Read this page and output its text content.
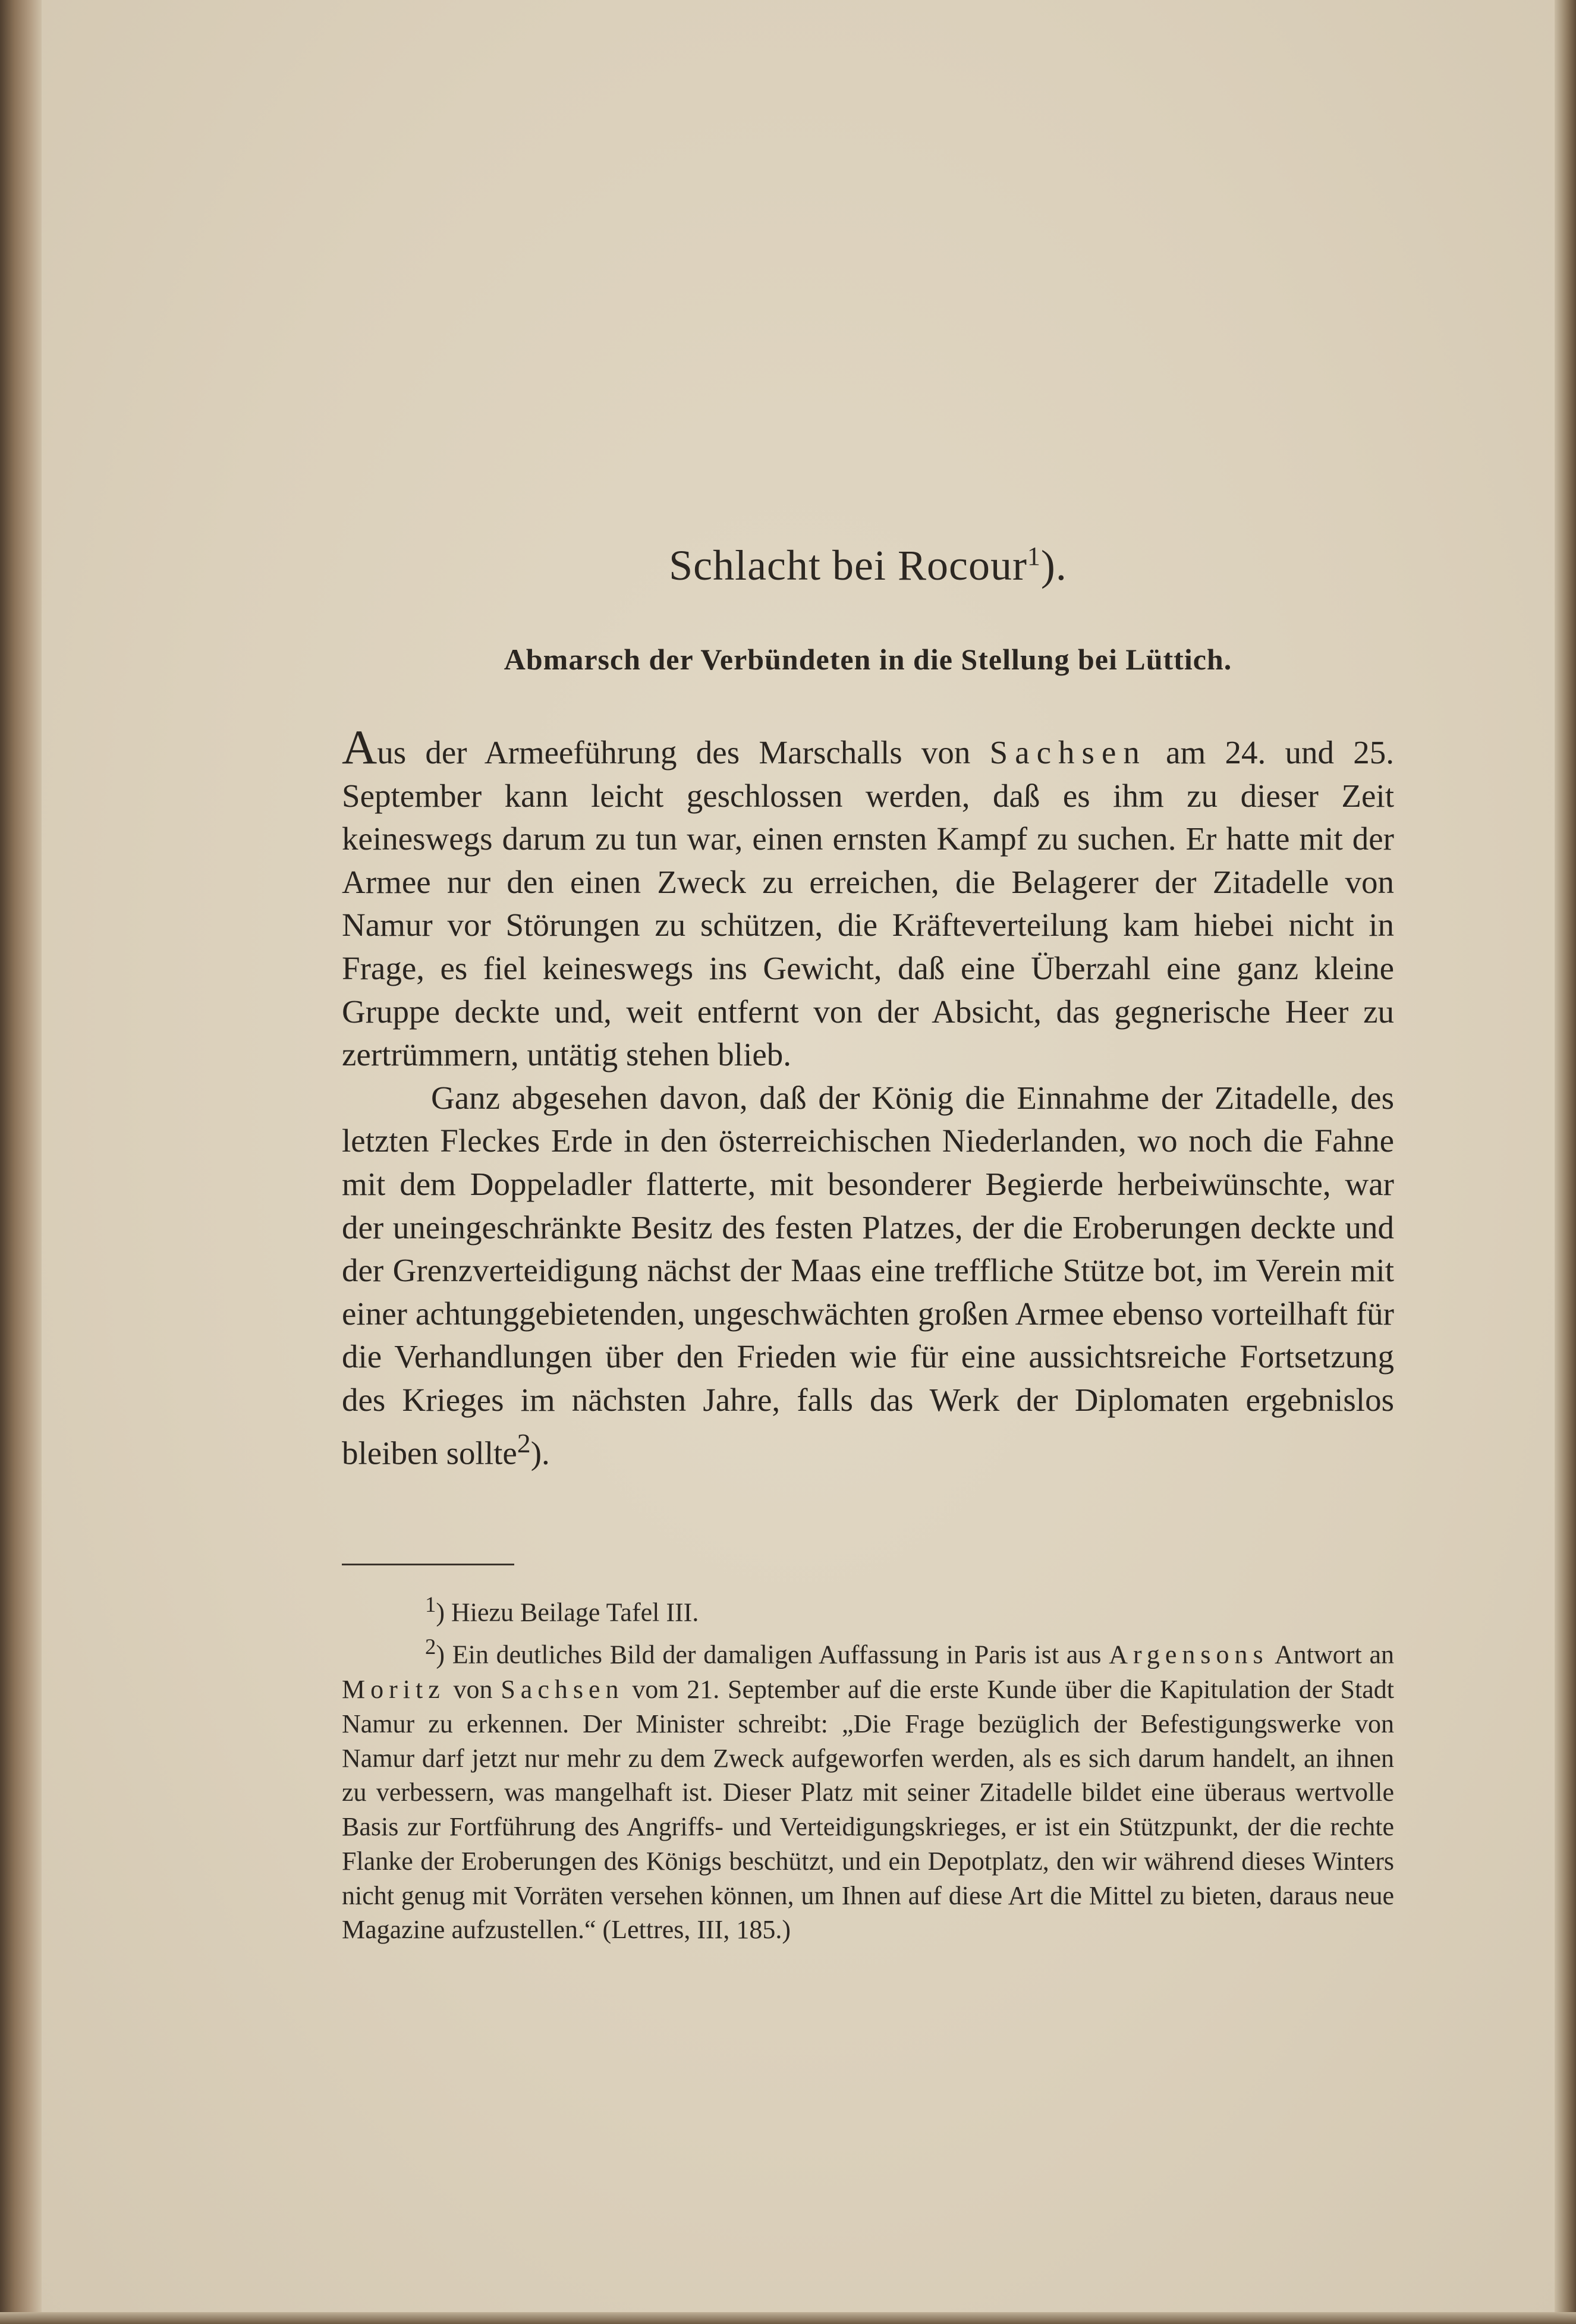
Schlacht bei Rocour$^1$).
Abmarsch der Verbündeten in die Stellung bei Lüttich.

Aus der Armeeführung des Marschalls von Sachsen am 24. und 25. September kann leicht geschlossen werden, daß es ihm zu dieser Zeit keineswegs darum zu tun war, einen ernsten Kampf zu suchen. Er hatte mit der Armee nur den einen Zweck zu erreichen, die Belagerer der Zitadelle von Namur vor Störungen zu schützen, die Kräfteverteilung kam hiebei nicht in Frage, es fiel keineswegs ins Gewicht, daß eine Überzahl eine ganz kleine Gruppe deckte und, weit entfernt von der Absicht, das gegnerische Heer zu zertrümmern, untätig stehen blieb.

Ganz abgesehen davon, daß der König die Einnahme der Zitadelle, des letzten Fleckes Erde in den österreichischen Niederlanden, wo noch die Fahne mit dem Doppeladler flatterte, mit besonderer Begierde herbeiwünschte, war der uneingeschränkte Besitz des festen Platzes, der die Eroberungen deckte und der Grenzverteidigung nächst der Maas eine treffliche Stütze bot, im Verein mit einer achtunggebietenden, ungeschwächten großen Armee ebenso vorteilhaft für die Verhandlungen über den Frieden wie für eine aussichtsreiche Fortsetzung des Krieges im nächsten Jahre, falls das Werk der Diplomaten ergebnislos bleiben sollte$^2$).

$^1$) Hiezu Beilage Tafel III.

$^2$) Ein deutliches Bild der damaligen Auffassung in Paris ist aus Argensons Antwort an Moritz von Sachsen vom 21. September auf die erste Kunde über die Kapitulation der Stadt Namur zu erkennen. Der Minister schreibt: „Die Frage bezüglich der Befestigungswerke von Namur darf jetzt nur mehr zu dem Zweck aufgeworfen werden, als es sich darum handelt, an ihnen zu verbessern, was mangelhaft ist. Dieser Platz mit seiner Zitadelle bildet eine überaus wertvolle Basis zur Fortführung des Angriffs- und Verteidigungskrieges, er ist ein Stützpunkt, der die rechte Flanke der Eroberungen des Königs beschützt, und ein Depotplatz, den wir während dieses Winters nicht genug mit Vorräten versehen können, um Ihnen auf diese Art die Mittel zu bieten, daraus neue Magazine aufzustellen.“ (Lettres, III, 185.)
